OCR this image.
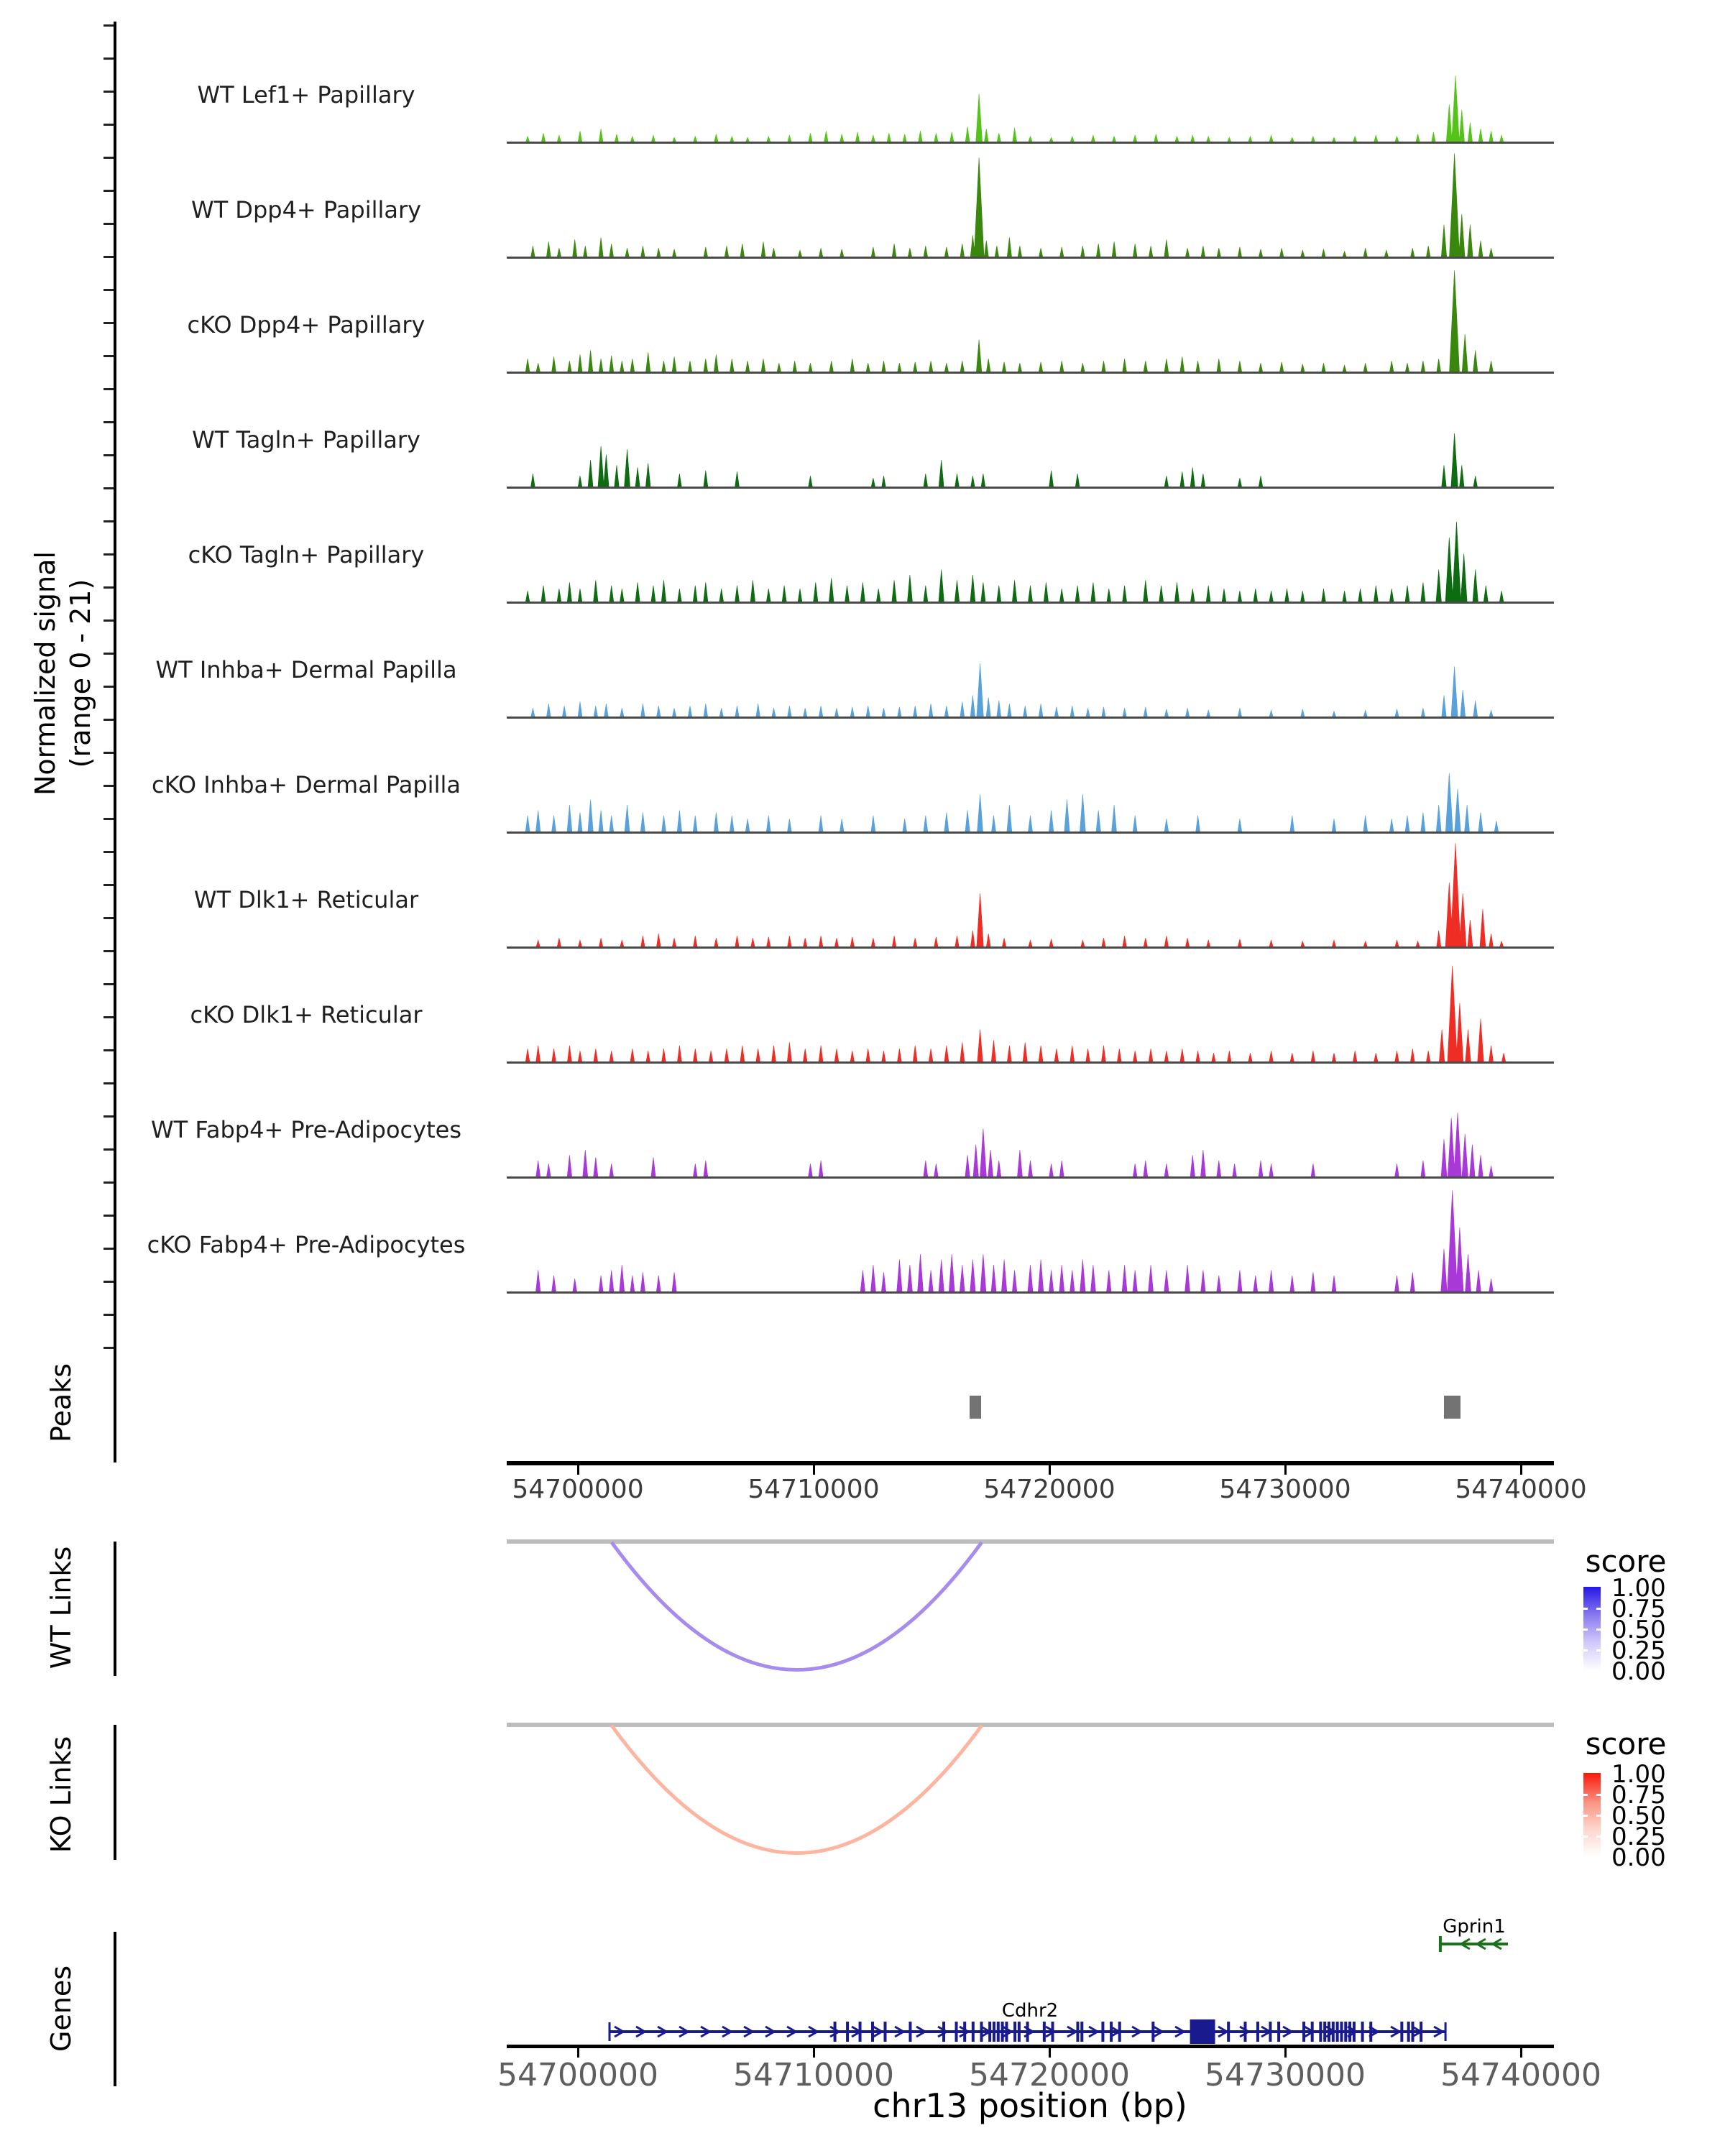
Normalized signal (range 0 - 21)
WT Lef1+ Papillary
WT Dpp4+ Papillary
cKO Dpp4+ Papillary
WT Tagln+ Papillary
cKO Tagln+ Papillary
WT Inhba+ Dermal Papilla
cKO Inhba+ Dermal Papilla
WT Dlk1+ Reticular
cKO Dlk1+ Reticular
WT Fabp4+ Pre-Adipocytes
cKO Fabp4+ Pre-Adipocytes
Peaks
54700000	54710000	54720000	54730000	54740000
WT Links	score
1.00
0.75
0.50
0.25
0.00
KO Links	score
1.00
0.75
0.50
0.25
0.00
Genes
Gprin1
Cdhr2
54700000	54710000	54720000	54730000	54740000
chr13 position (bp)
